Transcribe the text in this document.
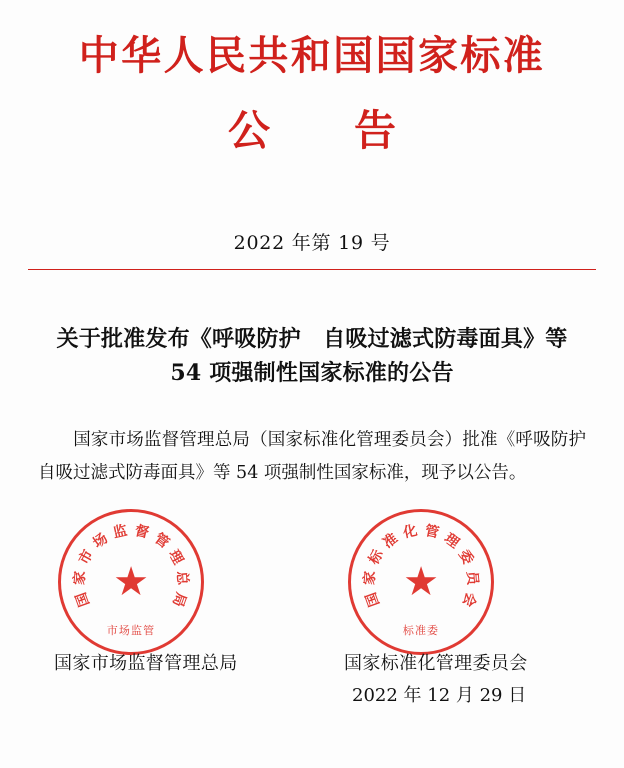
中华人民共和国国家标准
公　告
2022 年第 19 号
关于批准发布《呼吸防护　自吸过滤式防毒面具》等 54 项强制性国家标准的公告
国家市场监督管理总局（国家标准化管理委员会）批准《呼吸防护　自吸过滤式防毒面具》等 54 项强制性国家标准，现予以公告。
国
家
市
场 监 督 管
理
总
局
★
市场监管
国
家
标
准 化 管 理
委
员
会
★
标准委
国家市场监督管理总局	国家标准化管理委员会
2022 年 12 月 29 日
